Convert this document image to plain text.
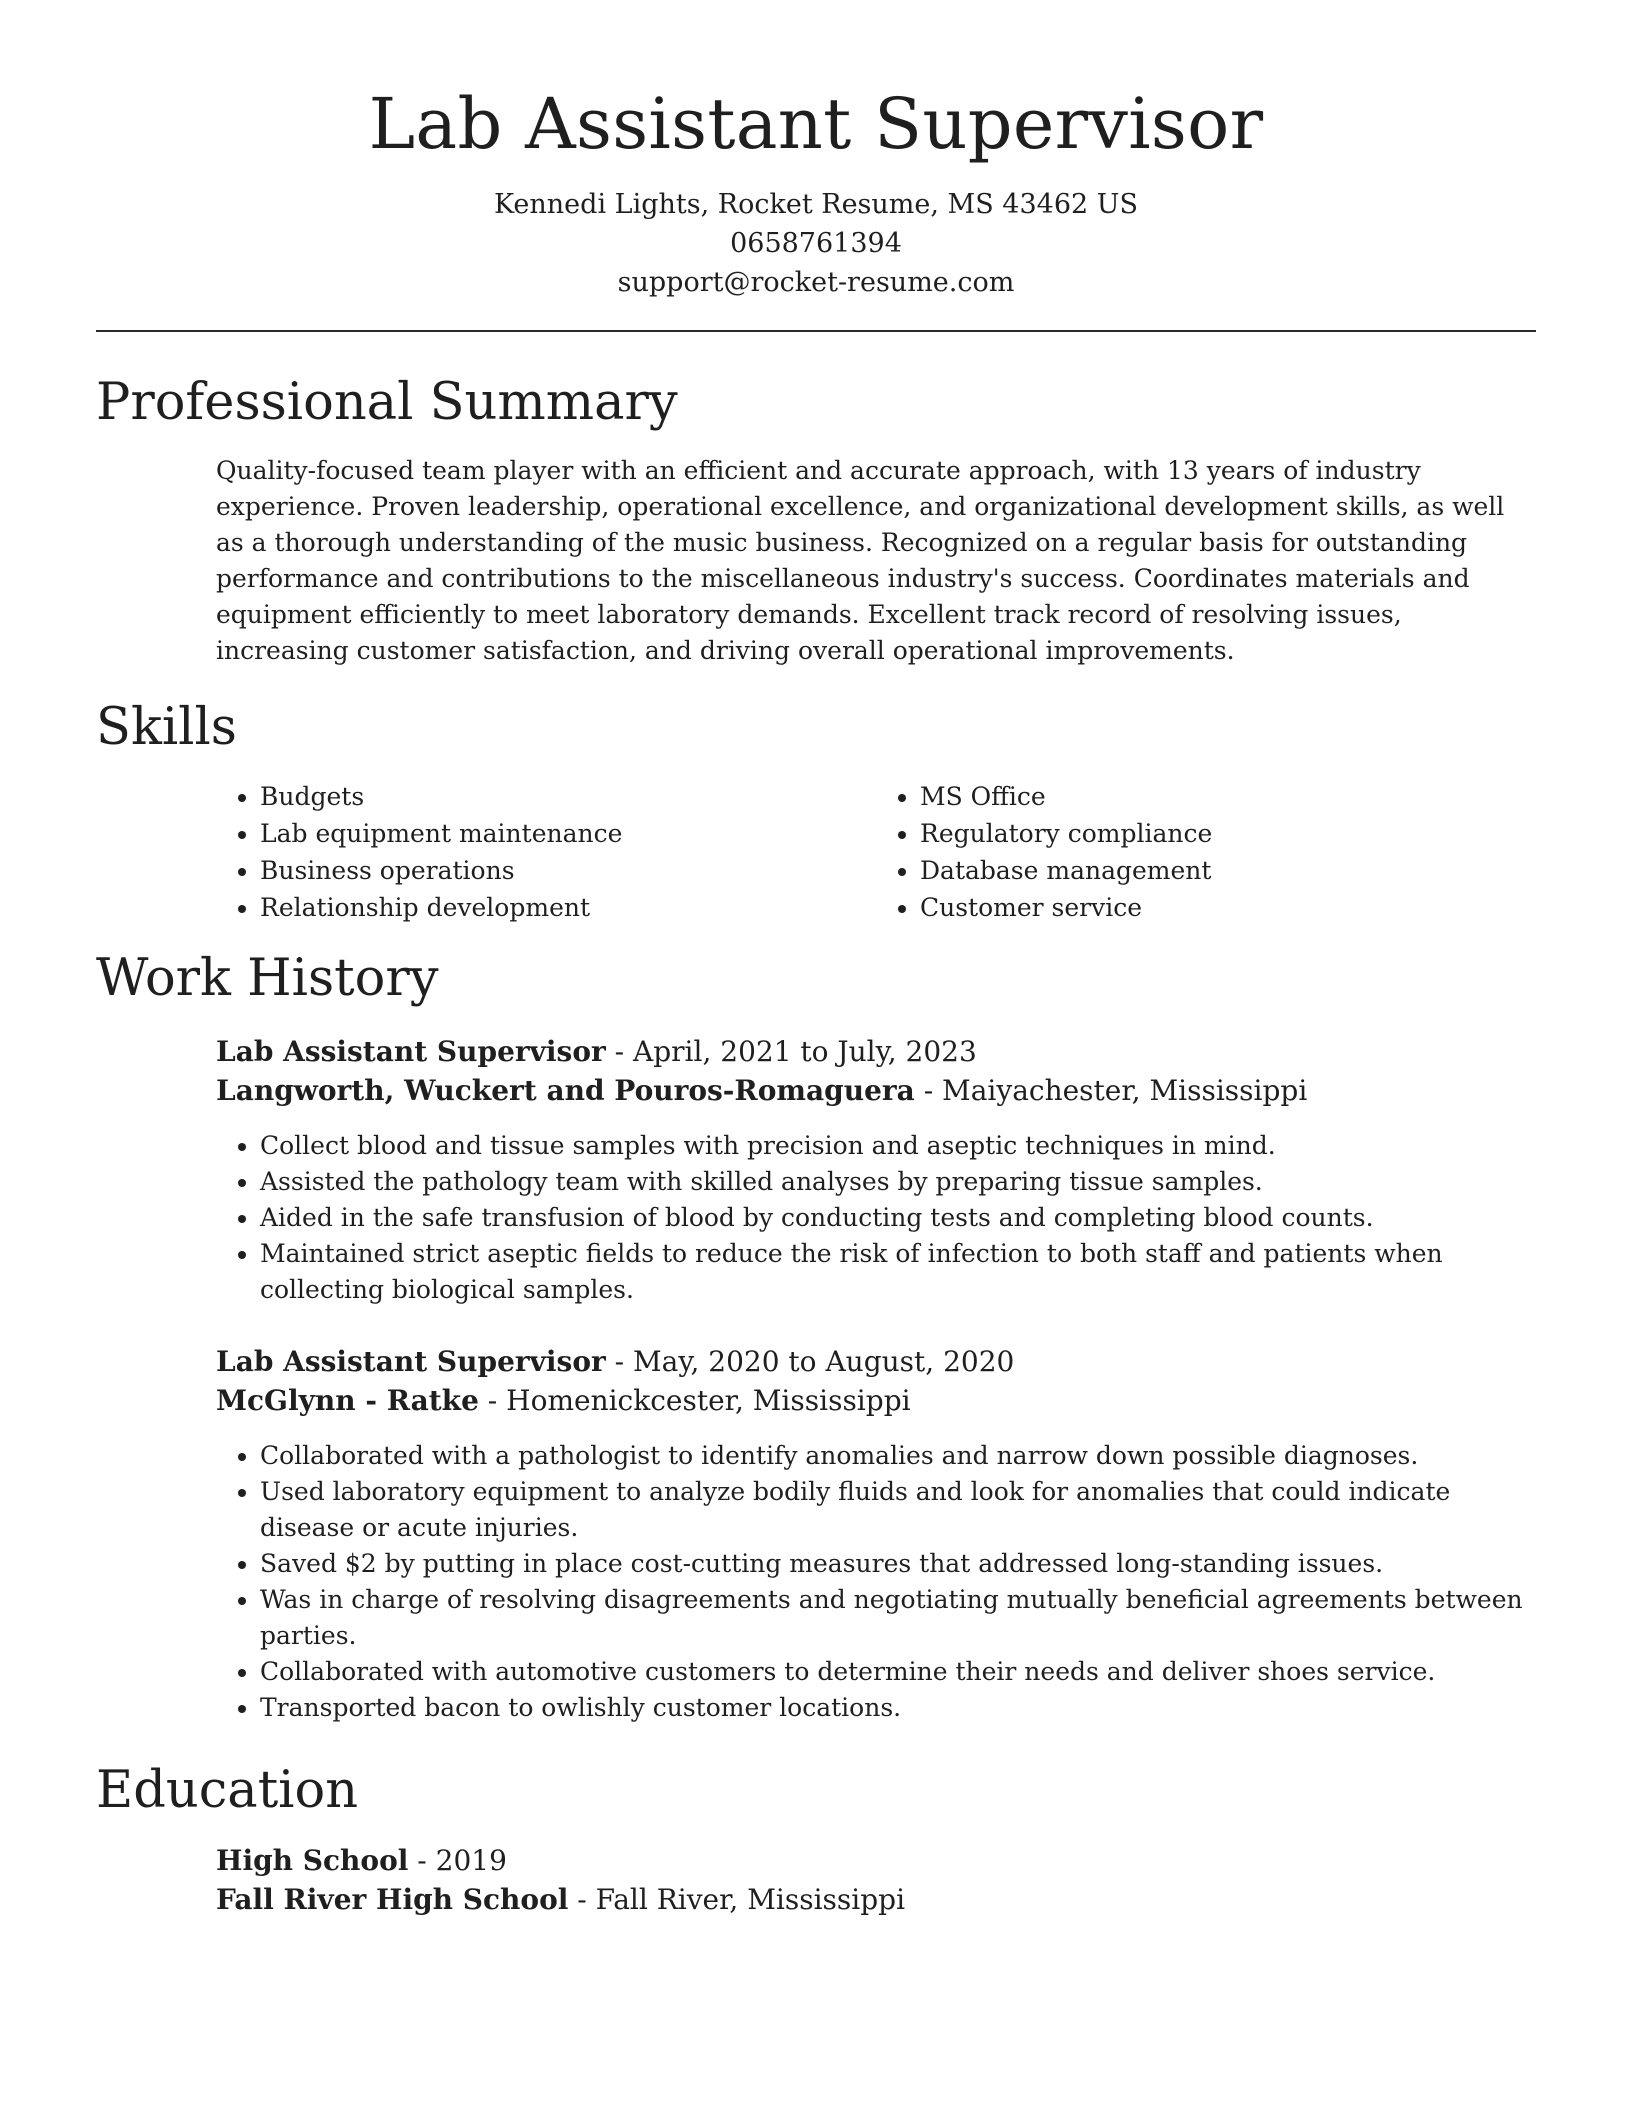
Lab Assistant Supervisor
Kennedi Lights, Rocket Resume, MS 43462 US
0658761394
support@rocket-resume.com
Professional Summary
Quality-focused team player with an efficient and accurate approach, with 13 years of industry experience. Proven leadership, operational excellence, and organizational development skills, as well as a thorough understanding of the music business. Recognized on a regular basis for outstanding performance and contributions to the miscellaneous industry's success. Coordinates materials and equipment efficiently to meet laboratory demands. Excellent track record of resolving issues, increasing customer satisfaction, and driving overall operational improvements.
Skills
• Budgets
• Lab equipment maintenance
• Business operations
• Relationship development
• MS Office
• Regulatory compliance
• Database management
• Customer service
Work History
Lab Assistant Supervisor - April, 2021 to July, 2023
Langworth, Wuckert and Pouros-Romaguera - Maiyachester, Mississippi
• Collect blood and tissue samples with precision and aseptic techniques in mind.
• Assisted the pathology team with skilled analyses by preparing tissue samples.
• Aided in the safe transfusion of blood by conducting tests and completing blood counts.
• Maintained strict aseptic fields to reduce the risk of infection to both staff and patients when collecting biological samples.
Lab Assistant Supervisor - May, 2020 to August, 2020
McGlynn - Ratke - Homenickcester, Mississippi
• Collaborated with a pathologist to identify anomalies and narrow down possible diagnoses.
• Used laboratory equipment to analyze bodily fluids and look for anomalies that could indicate disease or acute injuries.
• Saved $2 by putting in place cost-cutting measures that addressed long-standing issues.
• Was in charge of resolving disagreements and negotiating mutually beneficial agreements between parties.
• Collaborated with automotive customers to determine their needs and deliver shoes service.
• Transported bacon to owlishly customer locations.
Education
High School - 2019
Fall River High School - Fall River, Mississippi
